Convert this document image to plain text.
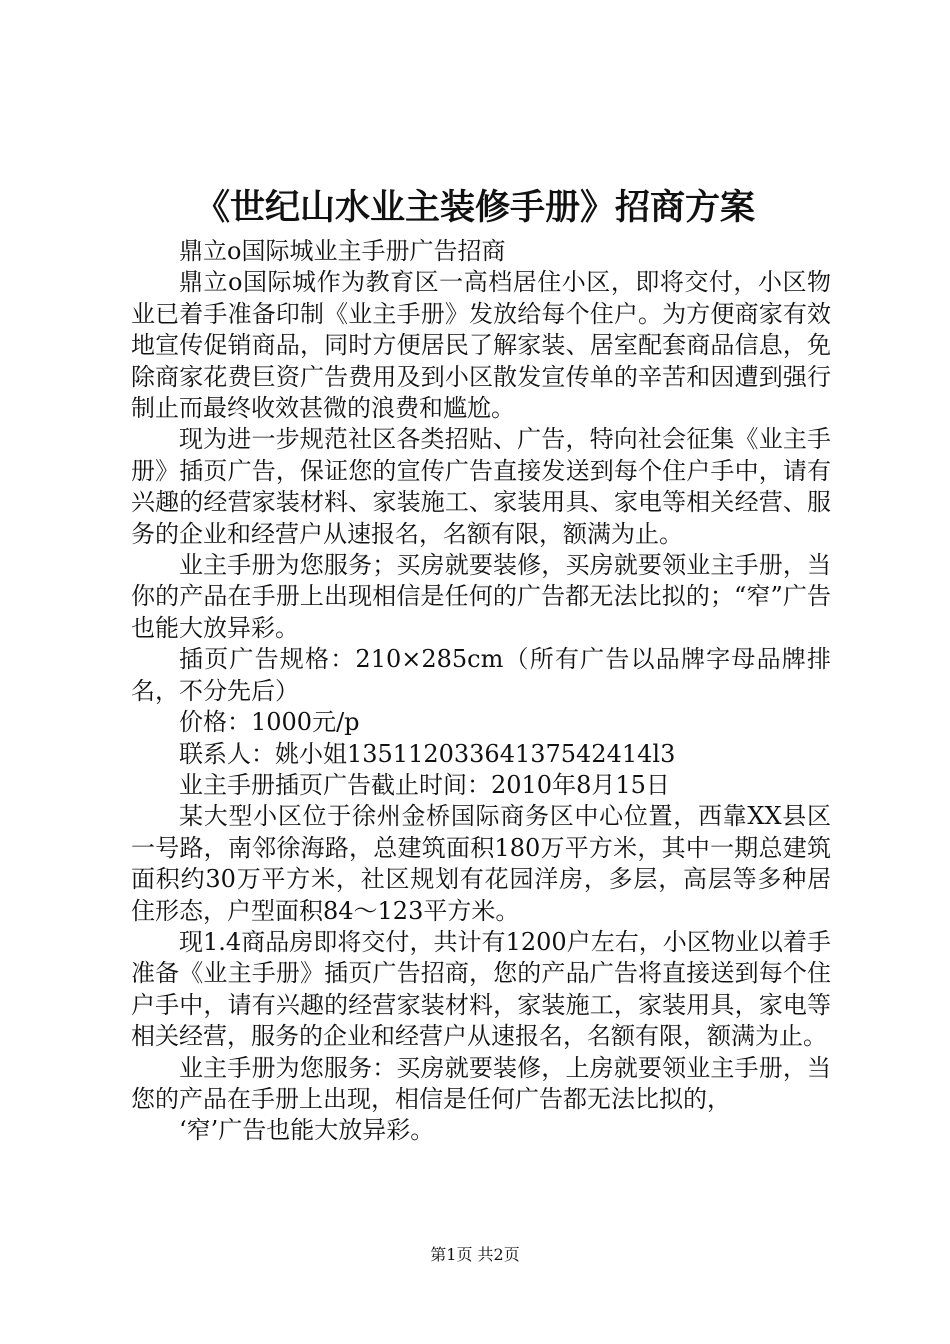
《世纪山水业主装修手册》招商方案

鼎立ο国际城业主手册广告招商

鼎立ο国际城作为教育区一高档居住小区，即将交付，小区物业已着手准备印制《业主手册》发放给每个住户。为方便商家有效地宣传促销商品，同时方便居民了解家装、居室配套商品信息，免除商家花费巨资广告费用及到小区散发宣传单的辛苦和因遭到强行制止而最终收效甚微的浪费和尴尬。

现为进一步规范社区各类招贴、广告，特向社会征集《业主手册》插页广告，保证您的宣传广告直接发送到每个住户手中，请有兴趣的经营家装材料、家装施工、家装用具、家电等相关经营、服务的企业和经营户从速报名，名额有限，额满为止。

业主手册为您服务；买房就要装修，买房就要领业主手册，当你的产品在手册上出现相信是任何的广告都无法比拟的；“窄”广告也能大放异彩。

插页广告规格：210×285cm（所有广告以品牌字母品牌排名，不分先后）

价格：1000元/p

联系人：姚小姐13511203364137542414l3

业主手册插页广告截止时间：2010年8月15日

某大型小区位于徐州金桥国际商务区中心位置，西靠XX县区一号路，南邻徐海路，总建筑面积180万平方米，其中一期总建筑面积约30万平方米，社区规划有花园洋房，多层，高层等多种居住形态，户型面积84～123平方米。

现1.4商品房即将交付，共计有1200户左右，小区物业以着手准备《业主手册》插页广告招商，您的产品广告将直接送到每个住户手中，请有兴趣的经营家装材料，家装施工，家装用具，家电等相关经营，服务的企业和经营户从速报名，名额有限，额满为止。

业主手册为您服务：买房就要装修，上房就要领业主手册，当您的产品在手册上出现，相信是任何广告都无法比拟的，

‘窄’广告也能大放异彩。

第1页 共2页
